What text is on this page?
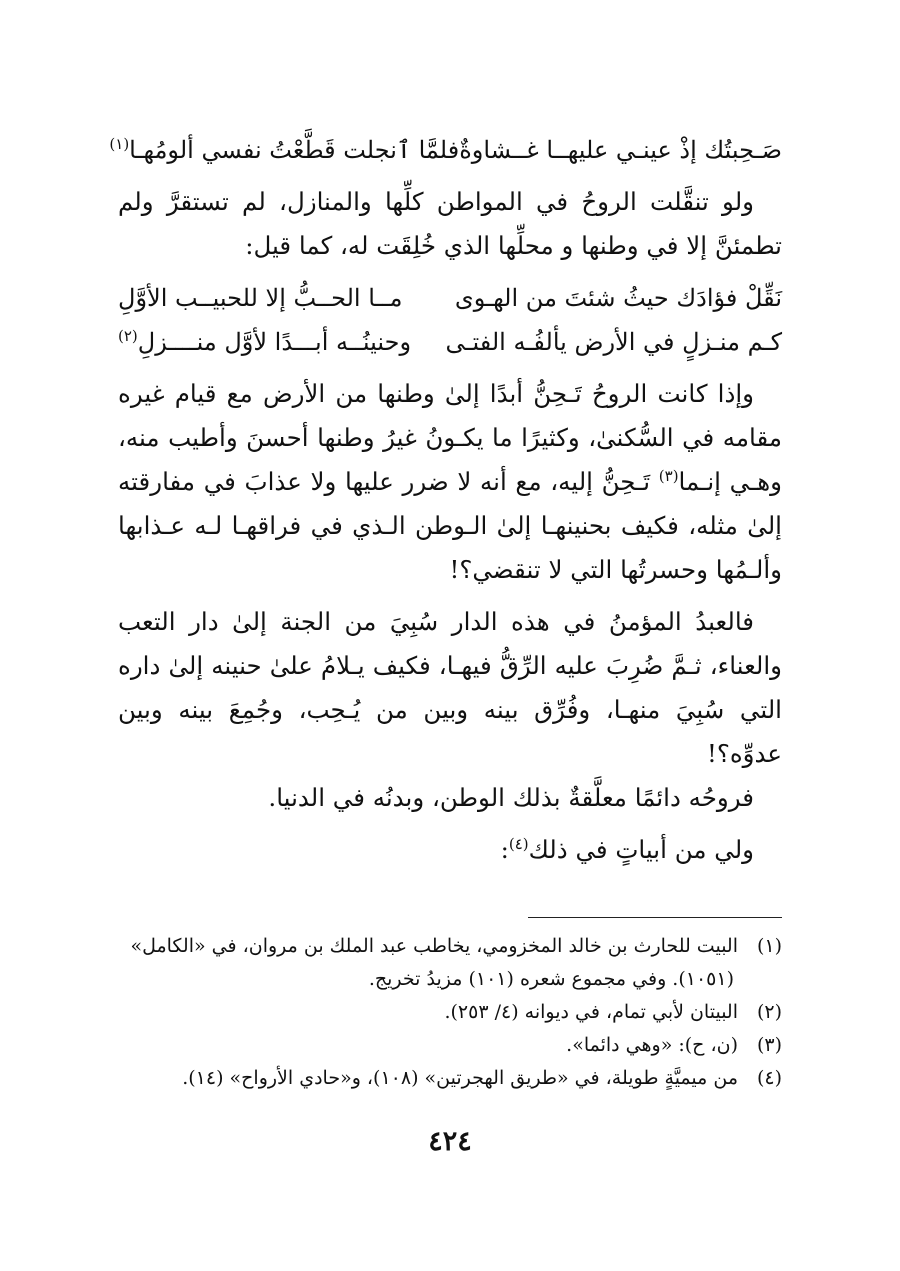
صَـحِبتُك إذْ عينـي عليهــا غــشاوةٌ
فلمَّا ٱنجلت قَطَّعْتُ نفسي ألومُهـا$^{(١)}$

ولو تنقَّلت الروحُ في المواطن كلِّها والمنازل، لم تستقرَّ ولم تطمئنَّ إلا في وطنها و محلِّها الذي خُلِقَت له، كما قيل:

نَقِّلْ فؤادَك حيثُ شئتَ من الهـوى
مــا الحــبُّ إلا للحبيــب الأوَّلِ
كـم منـزلٍ في الأرض يألفُـه الفتـى
وحنينُــه أبـــدًا لأوَّل منــــزلِ$^{(٢)}$

وإذا كانت الروحُ تَـحِنُّ أبدًا إلىٰ وطنها من الأرض مع قيام غيره مقامه في السُّكنىٰ، وكثيرًا ما يكـونُ غيرُ وطنها أحسنَ وأطيب منه، وهـي إنـما$^{(٣)}$ تَـحِنُّ إليه، مع أنه لا ضرر عليها ولا عذابَ في مفارقته إلىٰ مثله، فكيف بحنينهـا إلىٰ الـوطن الـذي في فراقهـا لـه عـذابها وألـمُها وحسرتُها التي لا تنقضي؟!

فالعبدُ المؤمنُ في هذه الدار سُبِيَ من الجنة إلىٰ دار التعب والعناء، ثـمَّ ضُرِبَ عليه الرِّقُّ فيهـا، فكيف يـلامُ علىٰ حنينه إلىٰ داره التي سُبِيَ منهـا، وفُرِّق بينه وبين من يُـحِب، وجُمِعَ بينه وبين عدوِّه؟!

فروحُه دائمًا معلَّقةٌ بذلك الوطن، وبدنُه في الدنيا.

ولي من أبياتٍ في ذلك$^{(٤)}$:

(١)البيت للحارث بن خالد المخزومي، يخاطب عبد الملك بن مروان، في «الكامل»

(١٠٥١). وفي مجموع شعره (١٠١) مزيدُ تخريج.

(٢)البيتان لأبي تمام، في ديوانه (٤/ ٢٥٣).

(٣)(ن، ح): «وهي دائما».

(٤)من ميميَّةٍ طويلة، في «طريق الهجرتين» (١٠٨)، و«حادي الأرواح» (١٤).

٤٢٤
